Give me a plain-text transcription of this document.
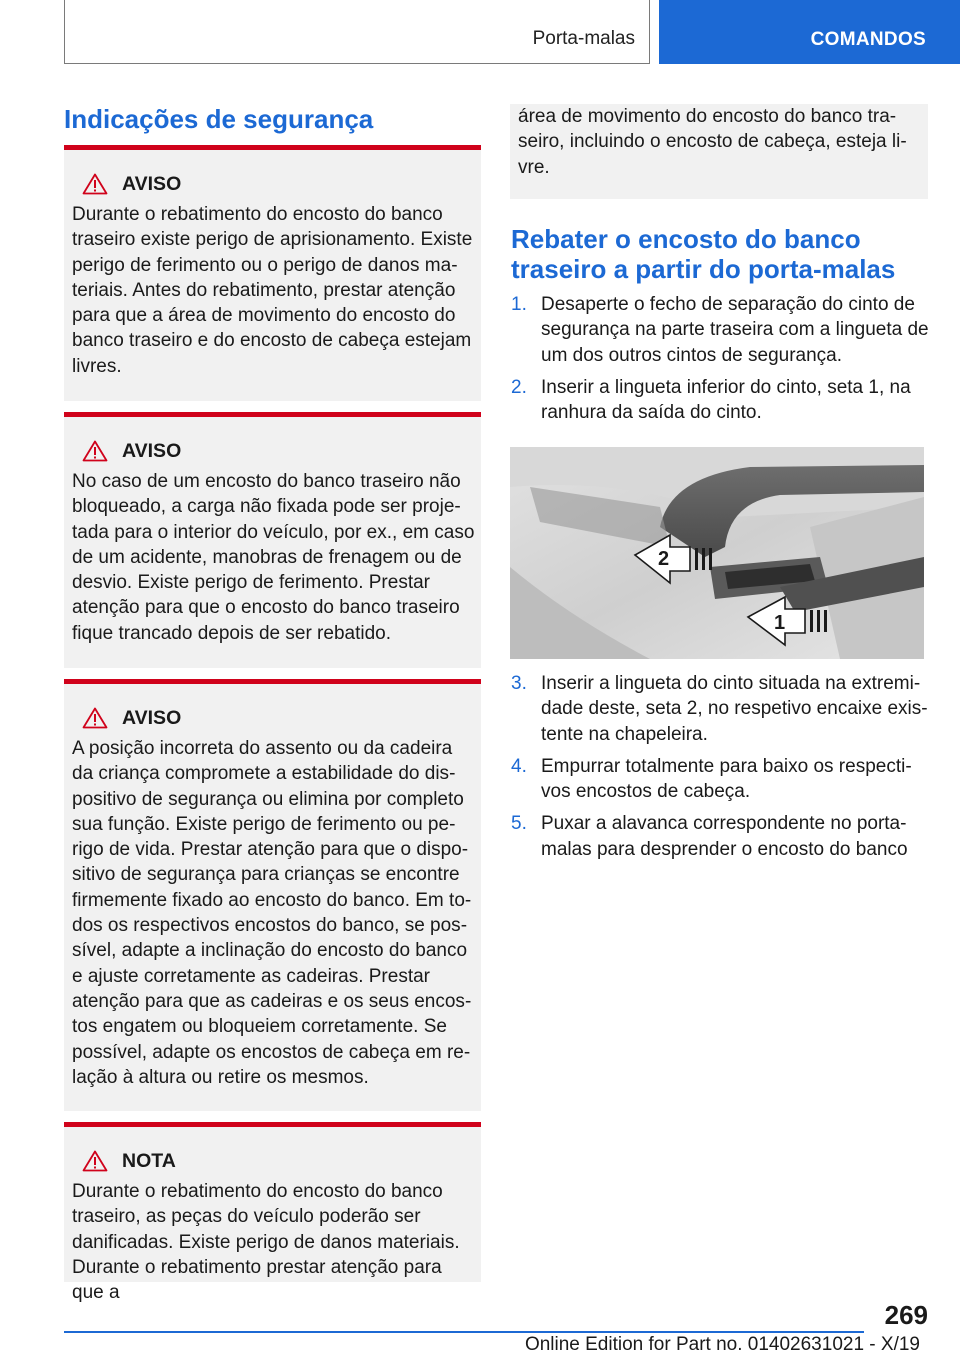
Porta-malas	COMANDOS
Indicações de segurança
AVISO

Durante o rebatimento do encosto do banco traseiro existe perigo de aprisionamento. Existe perigo de ferimento ou o perigo de danos materiais. Antes do rebatimento, prestar atenção para que a área de movimento do encosto do banco traseiro e do encosto de cabeça estejam livres.

AVISO

No caso de um encosto do banco traseiro não bloqueado, a carga não fixada pode ser projetada para o interior do veículo, por ex., em caso de um acidente, manobras de frenagem ou de desvio. Existe perigo de ferimento. Prestar atenção para que o encosto do banco traseiro fique trancado depois de ser rebatido.

AVISO

A posição incorreta do assento ou da cadeira da criança compromete a estabilidade do dispositivo de segurança ou elimina por completo sua função. Existe perigo de ferimento ou perigo de vida. Prestar atenção para que o dispositivo de segurança para crianças se encontre firmemente fixado ao encosto do banco. Em todos os respectivos encostos do banco, se possível, adapte a inclinação do encosto do banco e ajuste corretamente as cadeiras. Prestar atenção para que as cadeiras e os seus encostos engatem ou bloqueiem corretamente. Se possível, adapte os encostos de cabeça em relação à altura ou retire os mesmos.

NOTA

Durante o rebatimento do encosto do banco traseiro, as peças do veículo poderão ser danificadas. Existe perigo de danos materiais. Durante o rebatimento prestar atenção para que a

área de movimento do encosto do banco traseiro, incluindo o encosto de cabeça, esteja livre.

Rebater o encosto do banco traseiro a partir do porta-malas
1. Desaperte o fecho de separação do cinto de segurança na parte traseira com a lingueta de um dos outros cintos de segurança.
2. Inserir a lingueta inferior do cinto, seta 1, na ranhura da saída do cinto.
2
1
3. Inserir a lingueta do cinto situada na extremidade deste, seta 2, no respetivo encaixe existente na chapeleira.
4. Empurrar totalmente para baixo os respectivos encostos de cabeça.
5. Puxar a alavanca correspondente no porta-malas para desprender o encosto do banco
269
Online Edition for Part no. 01402631021 - X/19
